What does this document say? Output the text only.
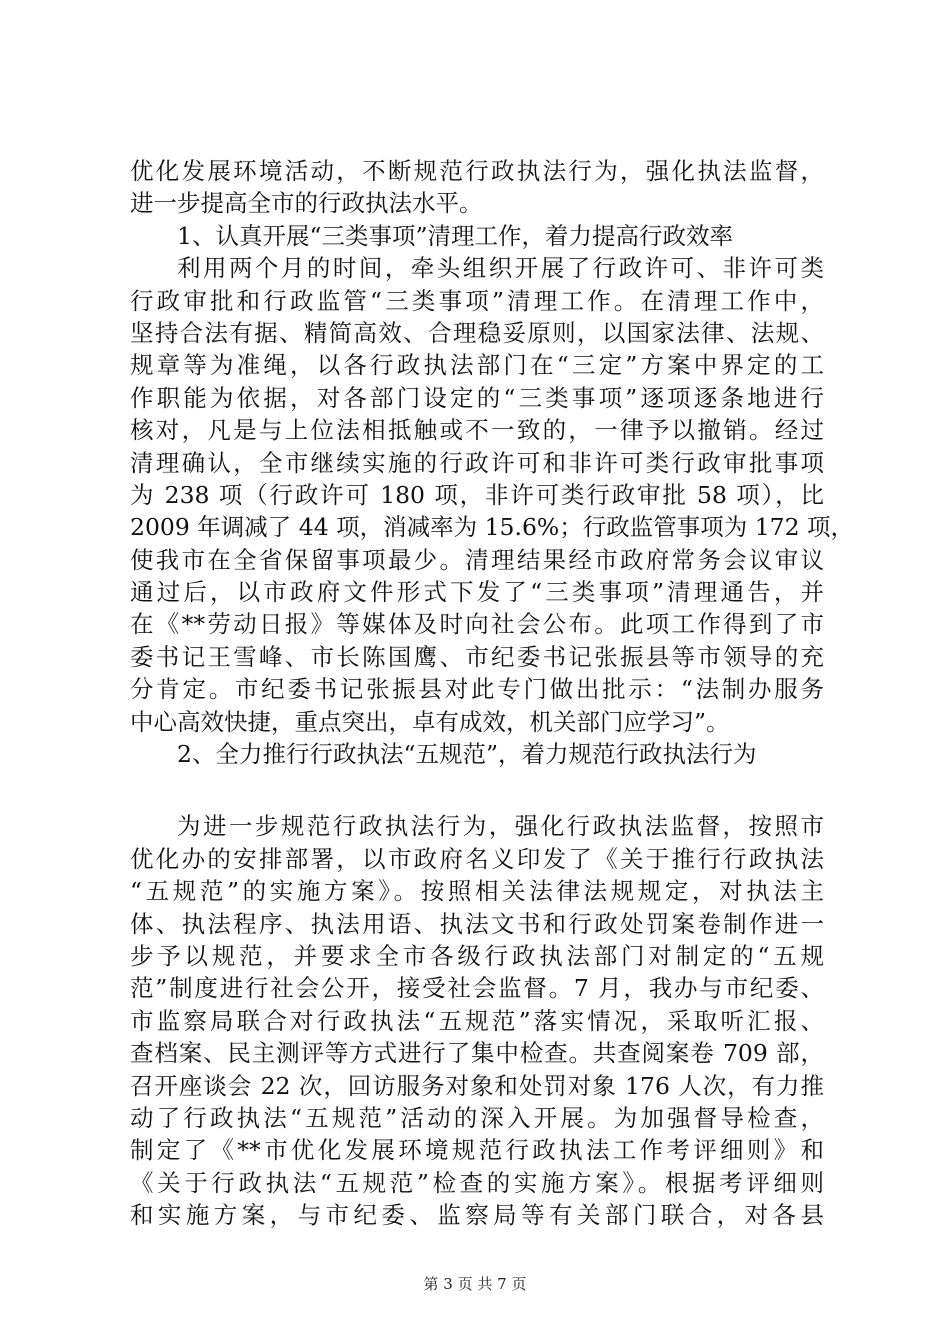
优化发展环境活动，不断规范行政执法行为，强化执法监督，
进一步提高全市的行政执法水平。
1、认真开展“三类事项”清理工作，着力提高行政效率
利用两个月的时间，牵头组织开展了行政许可、非许可类
行政审批和行政监管“三类事项”清理工作。在清理工作中，
坚持合法有据、精简高效、合理稳妥原则，以国家法律、法规、
规章等为准绳，以各行政执法部门在“三定”方案中界定的工
作职能为依据，对各部门设定的“三类事项”逐项逐条地进行
核对，凡是与上位法相抵触或不一致的，一律予以撤销。经过
清理确认，全市继续实施的行政许可和非许可类行政审批事项
为 238 项（行政许可 180 项，非许可类行政审批 58 项），比
2009 年调减了 44 项，消减率为 15.6%；行政监管事项为 172 项，
使我市在全省保留事项最少。清理结果经市政府常务会议审议
通过后，以市政府文件形式下发了“三类事项”清理通告，并
在《**劳动日报》等媒体及时向社会公布。此项工作得到了市
委书记王雪峰、市长陈国鹰、市纪委书记张振县等市领导的充
分肯定。市纪委书记张振县对此专门做出批示：“法制办服务
中心高效快捷，重点突出，卓有成效，机关部门应学习”。
2、全力推行行政执法“五规范”，着力规范行政执法行为
为进一步规范行政执法行为，强化行政执法监督，按照市
优化办的安排部署，以市政府名义印发了《关于推行行政执法
“五规范”的实施方案》。按照相关法律法规规定，对执法主
体、执法程序、执法用语、执法文书和行政处罚案卷制作进一
步予以规范，并要求全市各级行政执法部门对制定的“五规
范”制度进行社会公开，接受社会监督。7 月，我办与市纪委、
市监察局联合对行政执法“五规范”落实情况，采取听汇报、
查档案、民主测评等方式进行了集中检查。共查阅案卷 709 部，
召开座谈会 22 次，回访服务对象和处罚对象 176 人次，有力推
动了行政执法“五规范”活动的深入开展。为加强督导检查，
制定了《**市优化发展环境规范行政执法工作考评细则》和
《关于行政执法“五规范”检查的实施方案》。根据考评细则
和实施方案，与市纪委、监察局等有关部门联合，对各县
第 3 页 共 7 页
